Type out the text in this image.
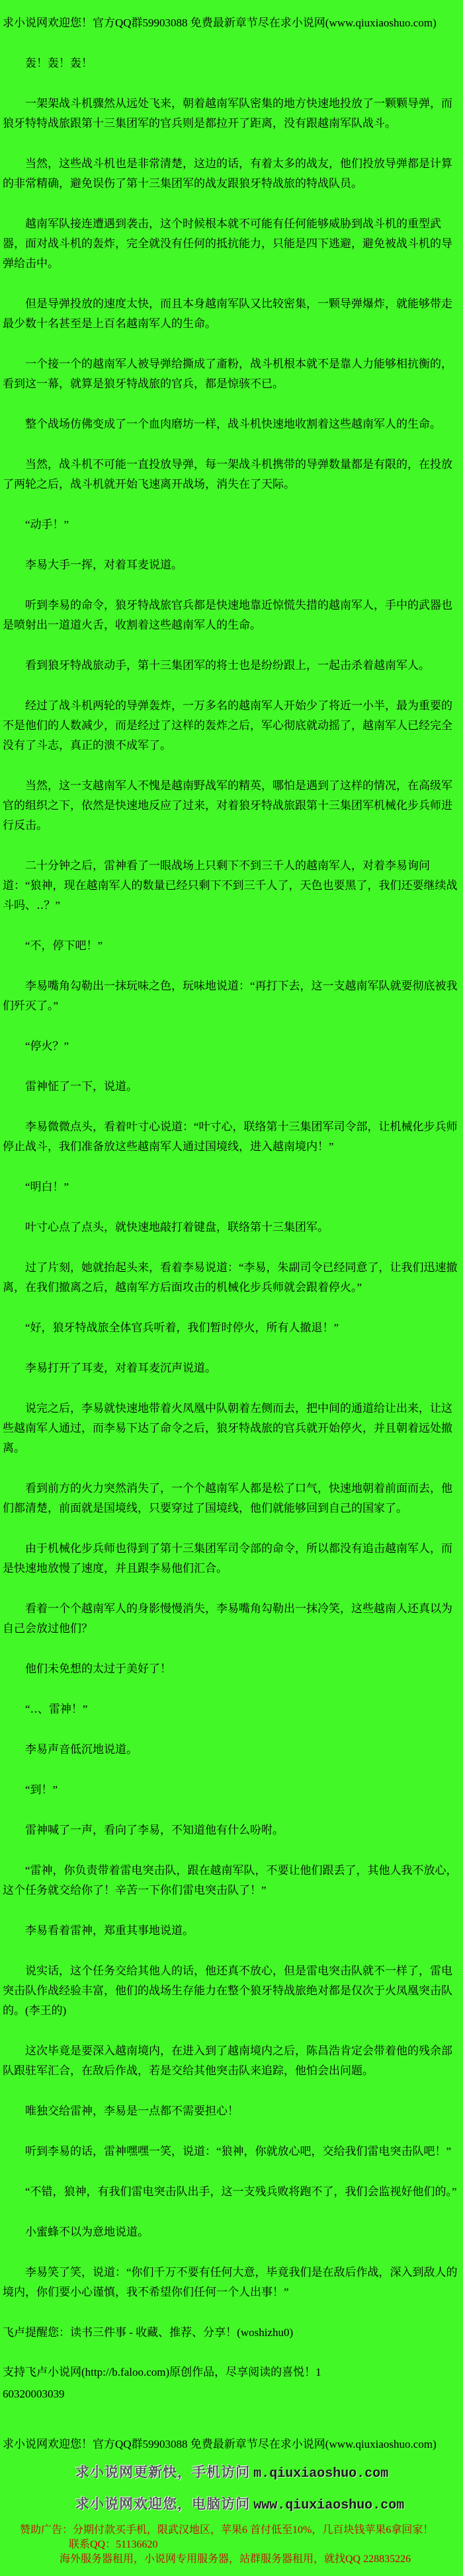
求小说网欢迎您！官方QQ群59903088 免费最新章节尽在求小说网(www.qiuxiaoshuo.com)

轰！轰！轰！

一架架战斗机骤然从远处飞来，朝着越南军队密集的地方快速地投放了一颗颗导弹，而狼牙特特战旅跟第十三集团军的官兵则是都拉开了距离，没有跟越南军队战斗。

当然，这些战斗机也是非常清楚，这边的话，有着太多的战友，他们投放导弹都是计算的非常精确，避免误伤了第十三集团军的战友跟狼牙特战旅的特战队员。

越南军队接连遭遇到袭击，这个时候根本就不可能有任何能够威胁到战斗机的重型武器，面对战斗机的轰炸，完全就没有任何的抵抗能力，只能是四下逃避，避免被战斗机的导弹给击中。

但是导弹投放的速度太快，而且本身越南军队又比较密集，一颗导弹爆炸，就能够带走最少数十名甚至是上百名越南军人的生命。

一个接一个的越南军人被导弹给撕成了齑粉，战斗机根本就不是靠人力能够相抗衡的，看到这一幕，就算是狼牙特战旅的官兵，都是惊骇不已。

整个战场仿佛变成了一个血肉磨坊一样，战斗机快速地收割着这些越南军人的生命。

当然，战斗机不可能一直投放导弹，每一架战斗机携带的导弹数量都是有限的，在投放了两轮之后，战斗机就开始飞速离开战场，消失在了天际。

“动手！”

李易大手一挥，对着耳麦说道。

听到李易的命令，狼牙特战旅官兵都是快速地靠近惊慌失措的越南军人，手中的武器也是喷射出一道道火舌，收割着这些越南军人的生命。

看到狼牙特战旅动手，第十三集团军的将士也是纷纷跟上，一起击杀着越南军人。

经过了战斗机两轮的导弹轰炸，一万多名的越南军人开始少了将近一小半，最为重要的不是他们的人数减少，而是经过了这样的轰炸之后，军心彻底就动摇了，越南军人已经完全没有了斗志，真正的溃不成军了。

当然，这一支越南军人不愧是越南野战军的精英，哪怕是遇到了这样的情况，在高级军官的组织之下，依然是快速地反应了过来，对着狼牙特战旅跟第十三集团军机械化步兵师进行反击。

二十分钟之后，雷神看了一眼战场上只剩下不到三千人的越南军人，对着李易询问道：“狼神，现在越南军人的数量已经只剩下不到三千人了，天色也要黑了，我们还要继续战斗吗、‥？”

“不，停下吧！”

李易嘴角勾勒出一抹玩味之色，玩味地说道：“再打下去，这一支越南军队就要彻底被我们歼灭了。”

“停火？”

雷神怔了一下，说道。

李易微微点头，看着叶寸心说道：“叶寸心，联络第十三集团军司令部，让机械化步兵师停止战斗，我们准备放这些越南军人通过国境线，进入越南境内！”

“明白！”

叶寸心点了点头，就快速地敲打着键盘，联络第十三集团军。

过了片刻，她就抬起头来，看着李易说道：“李易，朱副司令已经同意了，让我们迅速撤离，在我们撤离之后，越南军方后面攻击的机械化步兵师就会跟着停火。”

“好，狼牙特战旅全体官兵听着，我们暂时停火，所有人撤退！”

李易打开了耳麦，对着耳麦沉声说道。

说完之后，李易就快速地带着火凤凰中队朝着左侧而去，把中间的通道给让出来，让这些越南军人通过，而李易下达了命令之后，狼牙特战旅的官兵就开始停火，并且朝着远处撤离。

看到前方的火力突然消失了，一个个越南军人都是松了口气，快速地朝着前面而去，他们都清楚，前面就是国境线，只要穿过了国境线，他们就能够回到自己的国家了。

由于机械化步兵师也得到了第十三集团军司令部的命令，所以都没有追击越南军人，而是快速地放慢了速度，并且跟李易他们汇合。

看着一个个越南军人的身影慢慢消失，李易嘴角勾勒出一抹冷笑，这些越南人还真以为自己会放过他们？

他们未免想的太过于美好了！

“‥、雷神！”

李易声音低沉地说道。

“到！”

雷神喊了一声，看向了李易，不知道他有什么吩咐。

“雷神，你负责带着雷电突击队，跟在越南军队，不要让他们跟丢了，其他人我不放心，这个任务就交给你了！辛苦一下你们雷电突击队了！”

李易看着雷神，郑重其事地说道。

说实话，这个任务交给其他人的话，他还真不放心，但是雷电突击队就不一样了，雷电突击队作战经验丰富，他们的战场生存能力在整个狼牙特战旅绝对都是仅次于火凤凰突击队的。(李王的)

这次毕竟是要深入越南境内，在进入到了越南境内之后，陈昌浩肯定会带着他的残余部队跟驻军汇合，在敌后作战，若是交给其他突击队来追踪，他怕会出问题。

唯独交给雷神，李易是一点都不需要担心！

听到李易的话，雷神嘿嘿一笑，说道：“狼神，你就放心吧，交给我们雷电突击队吧！”

“不错，狼神，有我们雷电突击队出手，这一支残兵败将跑不了，我们会监视好他们的。”

小蜜蜂不以为意地说道。

李易笑了笑，说道：“你们千万不要有任何大意，毕竟我们是在敌后作战，深入到敌人的境内，你们要小心谨慎，我不希望你们任何一个人出事！”

飞卢提醒您：读书三件事 - 收藏、推荐、分享！(woshizhu0)

支持飞卢小说网(http://b.faloo.com)原创作品，尽享阅读的喜悦！1

60320003039

求小说网欢迎您！官方QQ群59903088 免费最新章节尽在求小说网(www.qiuxiaoshuo.com)

求小说网更新快，手机访问 m.qiuxiaoshuo.com

求小说网欢迎您，电脑访问 www.qiuxiaoshuo.com

赞助广告：分期付款买手机，限武汉地区，苹果6 首付低至10%，几百块钱苹果6拿回家！

联系QQ：51136620

海外服务器租用，小说网专用服务器，站群服务器租用，就找QQ 228835226
